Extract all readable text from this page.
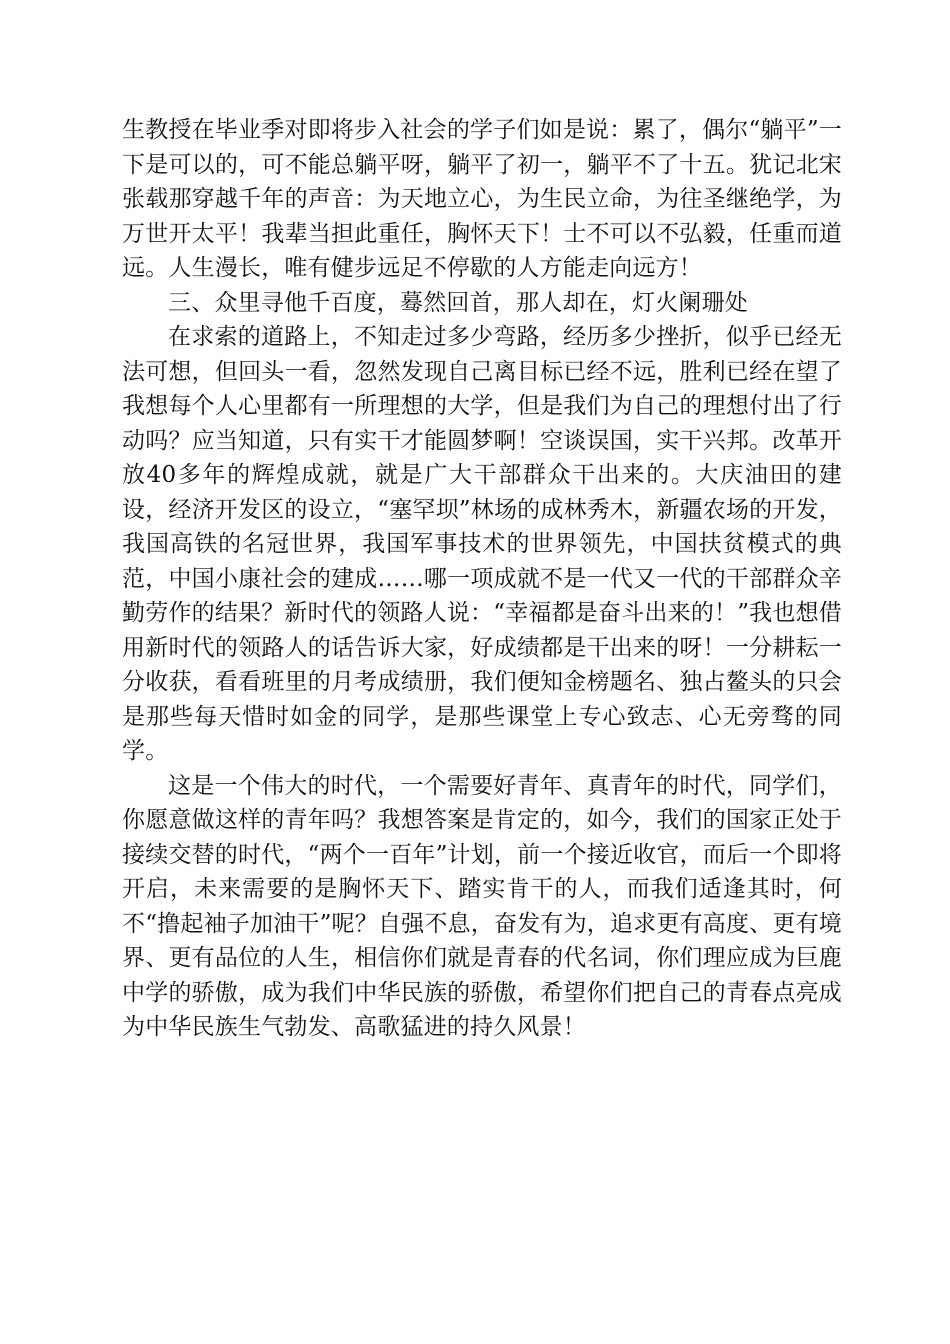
生教授在毕业季对即将步入社会的学子们如是说：累了，偶尔“躺平”一下是可以的，可不能总躺平呀，躺平了初一，躺平不了十五。犹记北宋张载那穿越千年的声音：为天地立心，为生民立命，为往圣继绝学，为万世开太平！我辈当担此重任，胸怀天下！士不可以不弘毅，任重而道远。人生漫长，唯有健步远足不停歇的人方能走向远方！

三、众里寻他千百度，蓦然回首，那人却在，灯火阑珊处

在求索的道路上，不知走过多少弯路，经历多少挫折，似乎已经无法可想，但回头一看，忽然发现自己离目标已经不远，胜利已经在望了我想每个人心里都有一所理想的大学，但是我们为自己的理想付出了行动吗？应当知道，只有实干才能圆梦啊！空谈误国，实干兴邦。改革开放40多年的辉煌成就，就是广大干部群众干出来的。大庆油田的建设，经济开发区的设立，“塞罕坝”林场的成林秀木，新疆农场的开发，我国高铁的名冠世界，我国军事技术的世界领先，中国扶贫模式的典范，中国小康社会的建成……哪一项成就不是一代又一代的干部群众辛勤劳作的结果？新时代的领路人说：“幸福都是奋斗出来的！”我也想借用新时代的领路人的话告诉大家，好成绩都是干出来的呀！一分耕耘一分收获，看看班里的月考成绩册，我们便知金榜题名、独占鳌头的只会是那些每天惜时如金的同学，是那些课堂上专心致志、心无旁骛的同学。

这是一个伟大的时代，一个需要好青年、真青年的时代，同学们，你愿意做这样的青年吗？我想答案是肯定的，如今，我们的国家正处于接续交替的时代，“两个一百年”计划，前一个接近收官，而后一个即将开启，未来需要的是胸怀天下、踏实肯干的人，而我们适逢其时，何不“撸起袖子加油干”呢？自强不息，奋发有为，追求更有高度、更有境界、更有品位的人生，相信你们就是青春的代名词，你们理应成为巨鹿中学的骄傲，成为我们中华民族的骄傲，希望你们把自己的青春点亮成为中华民族生气勃发、高歌猛进的持久风景！
